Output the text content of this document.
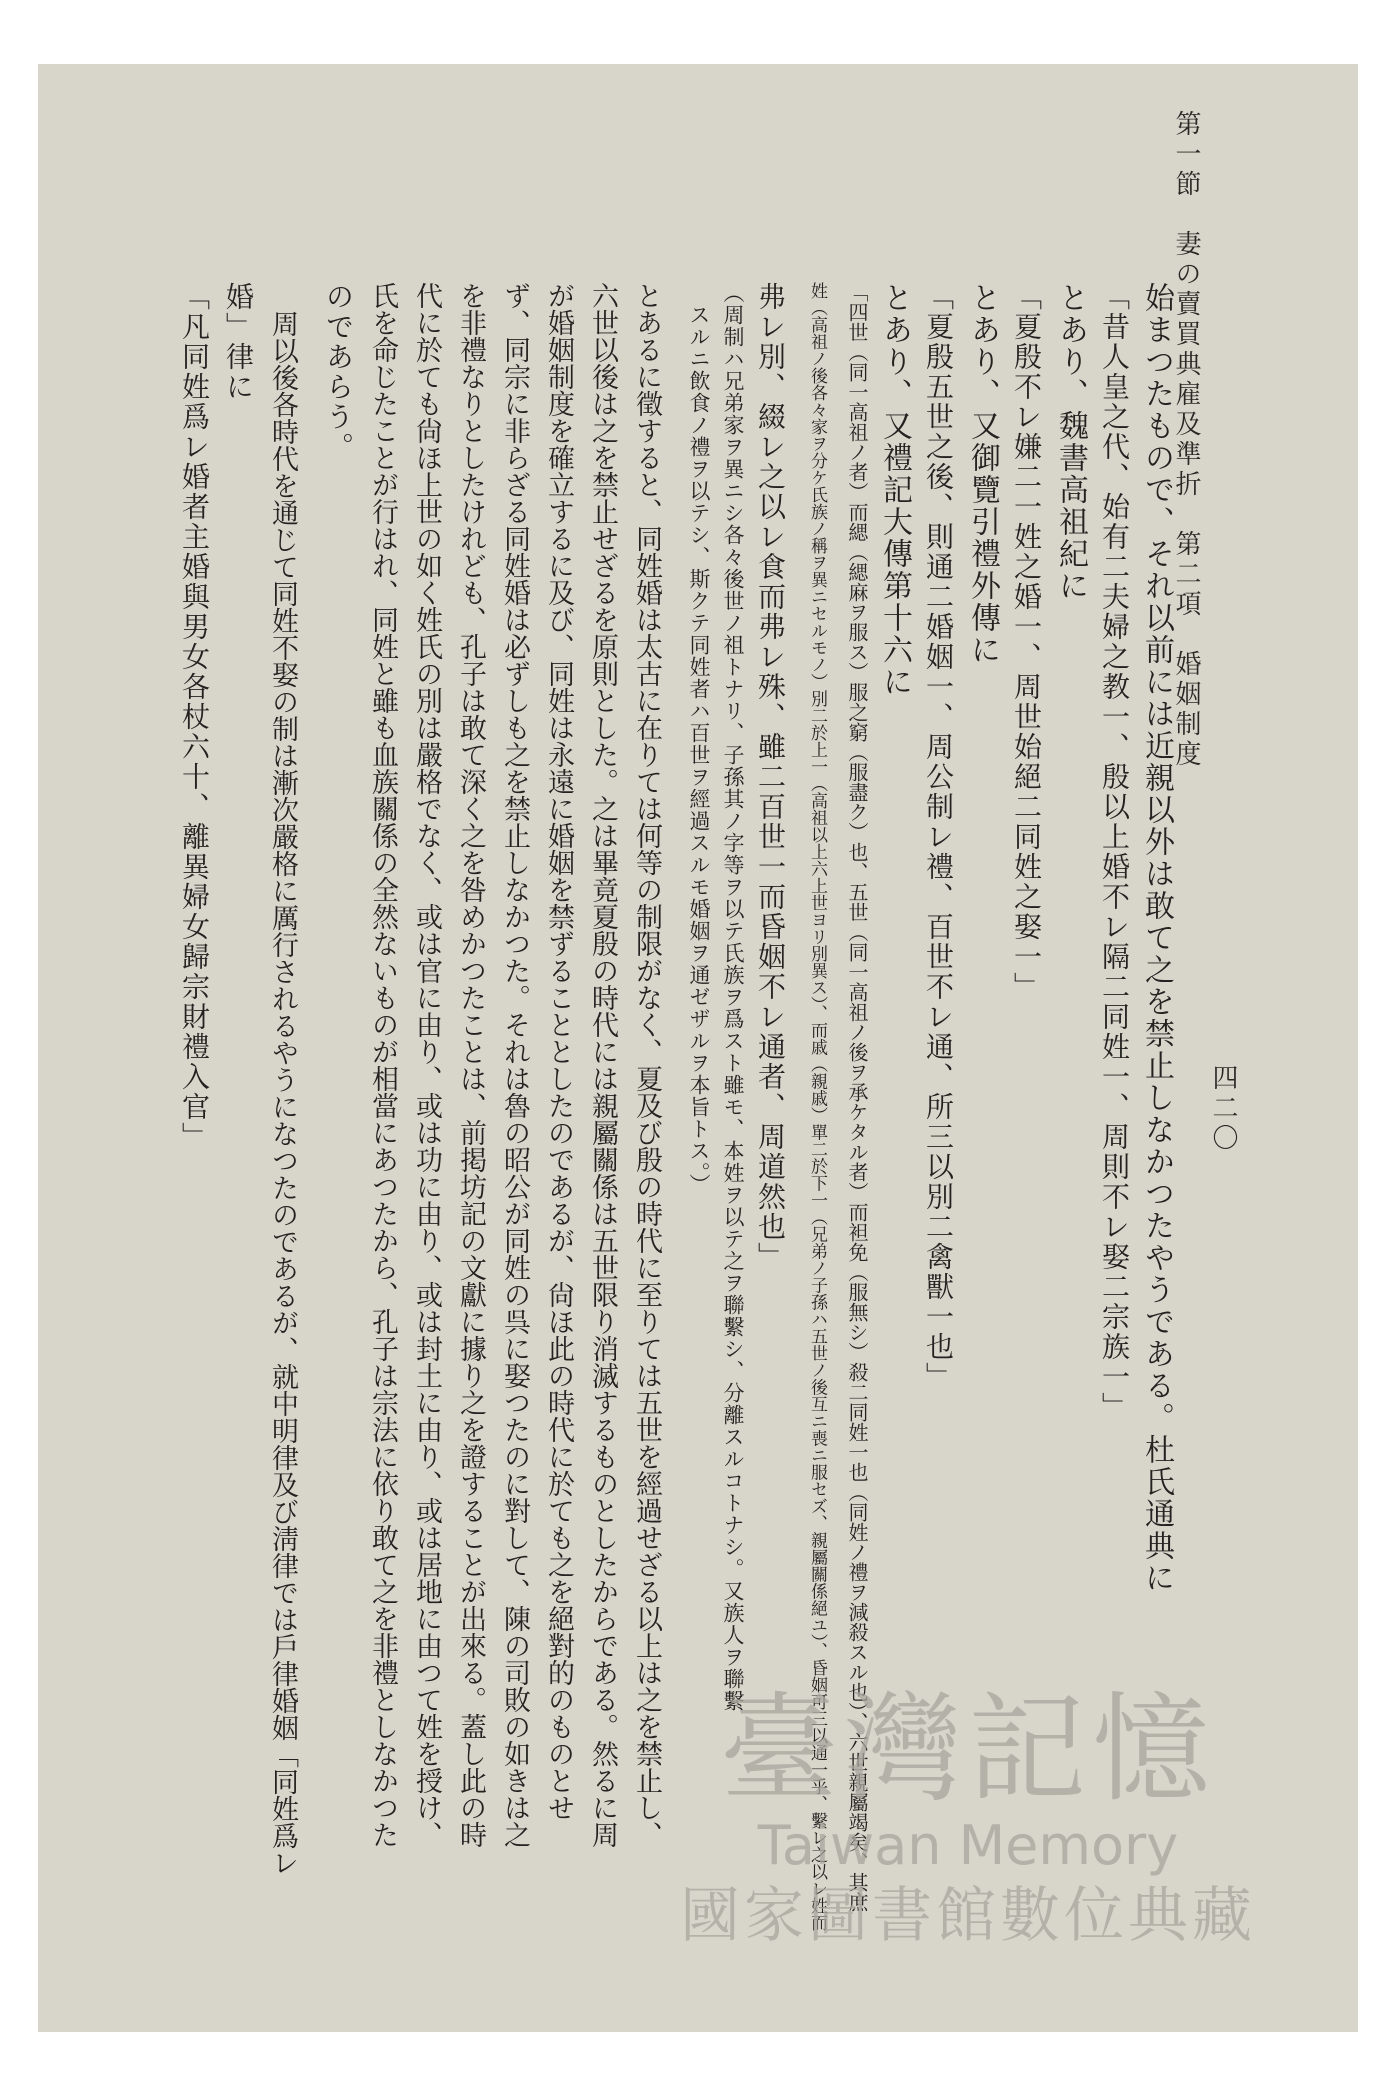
第一節　妻の賣買典雇及準折　第二項　婚姻制度
四二〇
始まつたもので、それ以前には近親以外は敢て之を禁止しなかつたやうである。杜氏通典に
「昔人皇之代、始有二夫婦之教一、殷以上婚不レ隔二同姓一、周則不レ娶二宗族一」
とあり、魏書高祖紀に
「夏殷不レ嫌二一姓之婚一、周世始絕二同姓之娶一」
とあり、又御覽引禮外傳に
「夏殷五世之後、則通二婚姻一、周公制レ禮、百世不レ通、所三以別二禽獸一也」
とあり、又禮記大傳第十六に
「四世（同一高祖ノ者）而緦（緦麻ヲ服ス）服之窮（服盡ク）也、五世（同一高祖ノ後ヲ承ケタル者）而袒免（服無シ）殺二同姓一也（同姓ノ禮ヲ減殺スル也）、六世親屬竭矣、其庶
姓（高祖ノ後各々家ヲ分ケ氏族ノ稱ヲ異ニセルモノ）別二於上一（高祖以上六上世ヨリ別異ス）、而戚（親戚）單二於下一（兄弟ノ子孫ハ五世ノ後互ニ喪ニ服セズ、親屬關係絕ユ）、昏姻可三以通一乎、繫レ之以レ姓而
弗レ別、綴レ之以レ食而弗レ殊、雖二百世一而昏姻不レ通者、周道然也」
（周制ハ兄弟家ヲ異ニシ各々後世ノ祖トナリ、子孫其ノ字等ヲ以テ氏族ヲ爲スト雖モ、本姓ヲ以テ之ヲ聯繫シ、分離スルコトナシ。又族人ヲ聯繫
スルニ飲食ノ禮ヲ以テシ、斯クテ同姓者ハ百世ヲ經過スルモ婚姻ヲ通ゼザルヲ本旨トス。）
とあるに徵すると、同姓婚は太古に在りては何等の制限がなく、夏及び殷の時代に至りては五世を經過せざる以上は之を禁止し、
六世以後は之を禁止せざるを原則とした。之は畢竟夏殷の時代には親屬關係は五世限り消滅するものとしたからである。然るに周
が婚姻制度を確立するに及び、同姓は永遠に婚姻を禁ずることとしたのであるが、尙ほ此の時代に於ても之を絕對的のものとせ
ず、同宗に非らざる同姓婚は必ずしも之を禁止しなかつた。それは魯の昭公が同姓の呉に娶つたのに對して、陳の司敗の如きは之
を非禮なりとしたけれども、孔子は敢て深く之を咎めかつたことは、前掲坊記の文獻に據り之を證することが出來る。蓋し此の時
代に於ても尙ほ上世の如く姓氏の別は嚴格でなく、或は官に由り、或は功に由り、或は封土に由り、或は居地に由つて姓を授け、
氏を命じたことが行はれ、同姓と雖も血族關係の全然ないものが相當にあつたから、孔子は宗法に依り敢て之を非禮としなかつた
のであらう。
周以後各時代を通じて同姓不娶の制は漸次嚴格に厲行されるやうになつたのであるが、就中明律及び淸律では戶律婚姻「同姓爲レ
婚」律に
「凡同姓爲レ婚者主婚與男女各杖六十、離異婦女歸宗財禮入官」
臺灣記憶
Taiwan Memory
國家圖書館數位典藏
